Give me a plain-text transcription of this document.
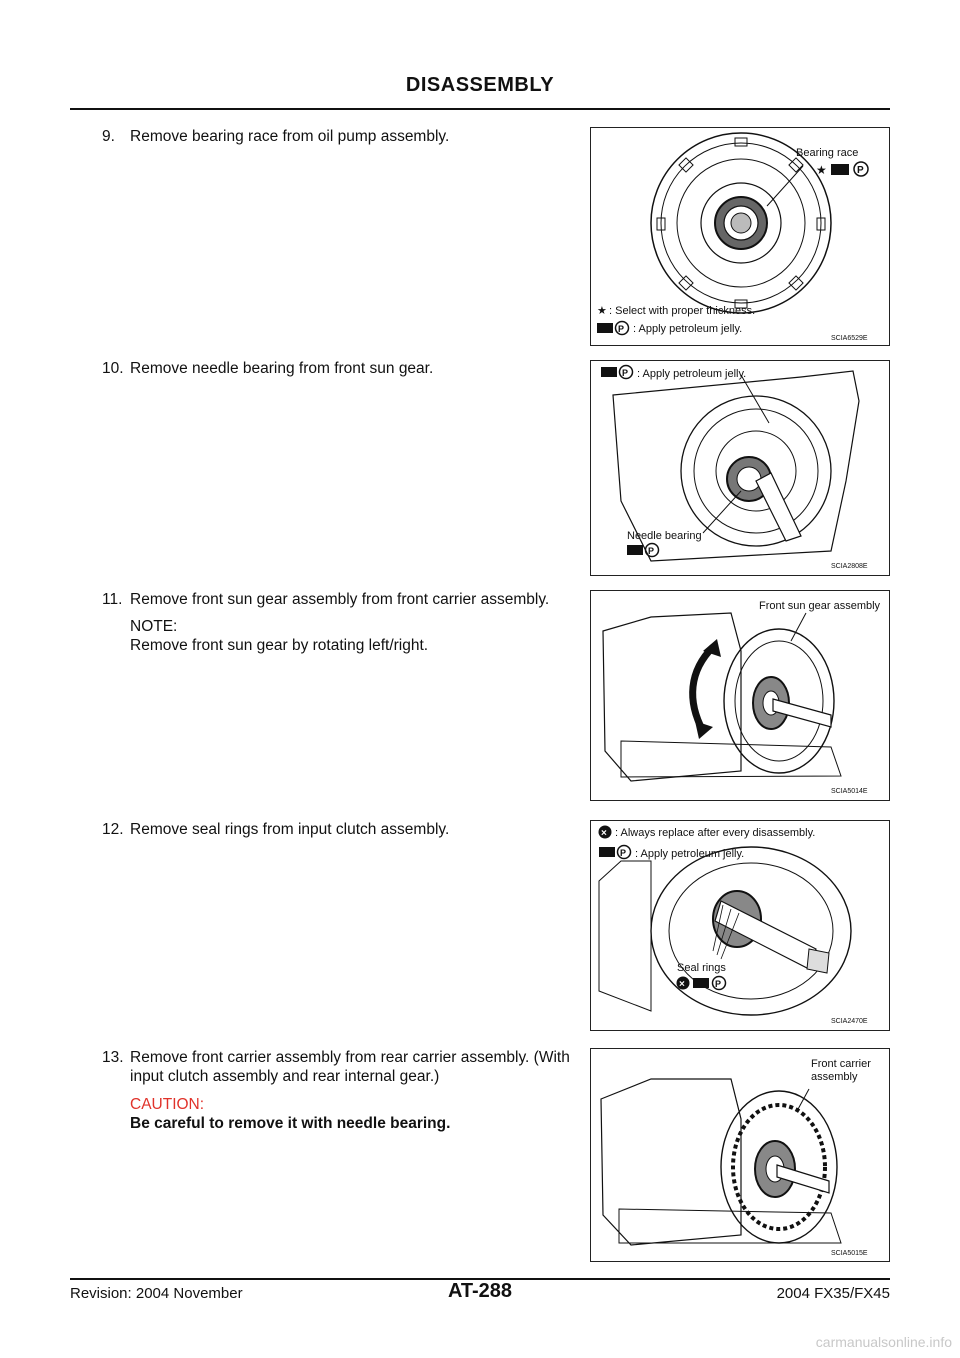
DISASSEMBLY
9. Remove bearing race from oil pump assembly.
10. Remove needle bearing from front sun gear.
11. Remove front sun gear assembly from front carrier assembly.
NOTE:
Remove front sun gear by rotating left/right.
12. Remove seal rings from input clutch assembly.
13. Remove front carrier assembly from rear carrier assembly. (With
input clutch assembly and rear internal gear.)
CAUTION:
Be careful to remove it with needle bearing.
Bearing race
★	P
★ : Select with proper thickness.
P : Apply petroleum jelly.
SCIA6529E
P : Apply petroleum jelly.
Needle bearing
P
SCIA2808E
Front sun gear assembly
SCIA5014E
× : Always replace after every disassembly.
P : Apply petroleum jelly.
Seal rings
×	P
SCIA2470E
Front carrier
assembly
SCIA5015E
Revision: 2004 November	AT-288	2004 FX35/FX45
carmanualsonline.info
